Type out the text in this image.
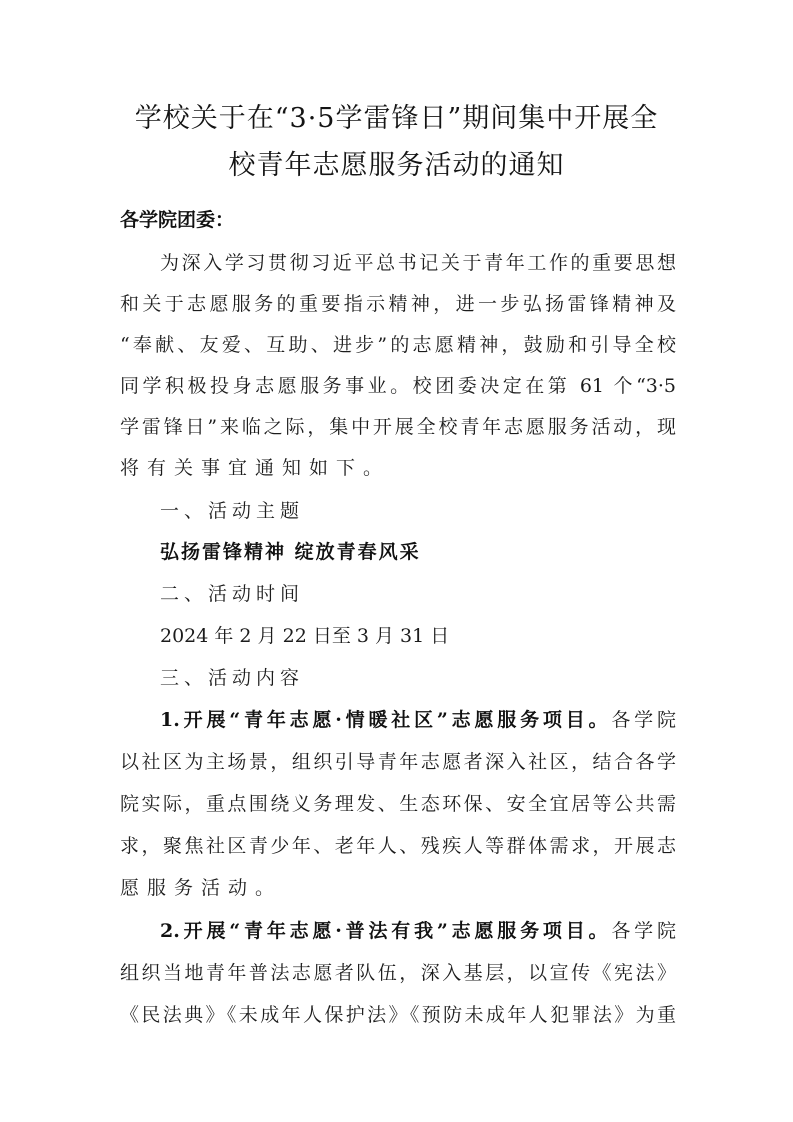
学校关于在“3·5学雷锋日”期间集中开展全
校青年志愿服务活动的通知
各学院团委：
为深入学习贯彻习近平总书记关于青年工作的重要思想
和关于志愿服务的重要指示精神，进一步弘扬雷锋精神及
“奉献、友爱、互助、进步”的志愿精神，鼓励和引导全校
同学积极投身志愿服务事业。校团委决定在第 61 个“3·5
学雷锋日”来临之际，集中开展全校青年志愿服务活动，现
将有关事宜通知如下。
一、活动主题
弘扬雷锋精神 绽放青春风采
二、活动时间
2024 年 2 月 22 日至 3 月 31 日
三、活动内容
1.开展“青年志愿·情暖社区”志愿服务项目。各学院
以社区为主场景，组织引导青年志愿者深入社区，结合各学
院实际，重点围绕义务理发、生态环保、安全宜居等公共需
求，聚焦社区青少年、老年人、残疾人等群体需求，开展志
愿服务活动。
2.开展“青年志愿·普法有我”志愿服务项目。各学院
组织当地青年普法志愿者队伍，深入基层，以宣传《宪法》
《民法典》《未成年人保护法》《预防未成年人犯罪法》为重
